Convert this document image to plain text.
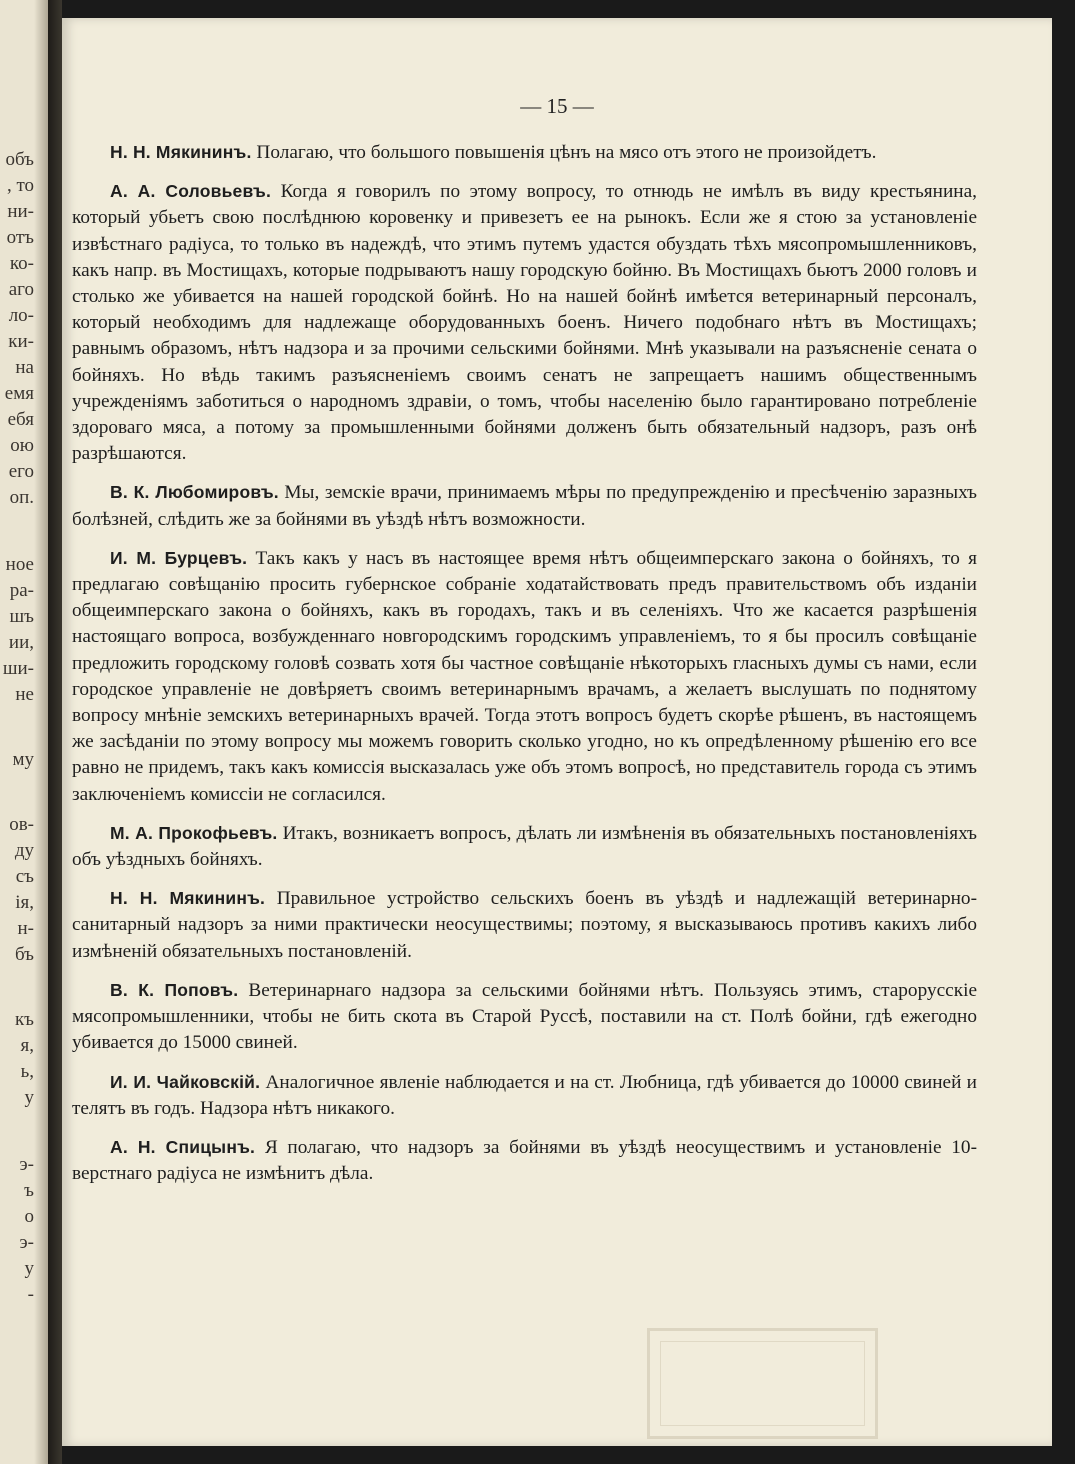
объ
, то
ни-
отъ
ко-
аго
ло-
ки-
на
емя
ебя
ою
его
оп.
ное
ра-
шъ
ии,
ши-
не
му
ов-
ду
съ
ія,
н-
бъ
къ
я,
ь,
у
э-
ъ
о
э-
у
-
— 15 —

Н. Н. Мякининъ. Полагаю, что большого повышенія цѣнъ на мясо отъ этого не произойдетъ.

А. А. Соловьевъ. Когда я говорилъ по этому вопросу, то отнюдь не имѣлъ въ виду крестьянина, который убьетъ свою послѣднюю коровенку и привезетъ ее на рынокъ. Если же я стою за установленіе извѣстнаго радіуса, то только въ надеждѣ, что этимъ путемъ удастся обуздать тѣхъ мясопромышленниковъ, какъ напр. въ Мостищахъ, которые подрываютъ нашу городскую бойню. Въ Мостищахъ бьютъ 2000 головъ и столько же убивается на нашей городской бойнѣ. Но на нашей бойнѣ имѣется ветеринарный персоналъ, который необходимъ для надлежаще оборудованныхъ боенъ. Ничего подобнаго нѣтъ въ Мостищахъ; равнымъ образомъ, нѣтъ надзора и за прочими сельскими бойнями. Мнѣ указывали на разъясненіе сената о бойняхъ. Но вѣдь такимъ разъясненіемъ своимъ сенатъ не запрещаетъ нашимъ общественнымъ учрежденіямъ заботиться о народномъ здравіи, о томъ, чтобы населенію было гарантировано потребленіе здороваго мяса, а потому за промышленными бойнями долженъ быть обязательный надзоръ, разъ онѣ разрѣшаются.

В. К. Любомировъ. Мы, земскіе врачи, принимаемъ мѣры по предупрежденію и пресѣченію заразныхъ болѣзней, слѣдить же за бойнями въ уѣздѣ нѣтъ возможности.

И. М. Бурцевъ. Такъ какъ у насъ въ настоящее время нѣтъ общеимперскаго закона о бойняхъ, то я предлагаю совѣщанію просить губернское собраніе ходатайствовать предъ правительствомъ объ изданіи общеимперскаго закона о бойняхъ, какъ въ городахъ, такъ и въ селеніяхъ. Что же касается разрѣшенія настоящаго вопроса, возбужденнаго новгородскимъ городскимъ управленіемъ, то я бы просилъ совѣщаніе предложить городскому головѣ созвать хотя бы частное совѣщаніе нѣкоторыхъ гласныхъ думы съ нами, если городское управленіе не довѣряетъ своимъ ветеринарнымъ врачамъ, а желаетъ выслушать по поднятому вопросу мнѣніе земскихъ ветеринарныхъ врачей. Тогда этотъ вопросъ будетъ скорѣе рѣшенъ, въ настоящемъ же засѣданіи по этому вопросу мы можемъ говорить сколько угодно, но къ опредѣленному рѣшенію его все равно не придемъ, такъ какъ комиссія высказалась уже объ этомъ вопросѣ, но представитель города съ этимъ заключеніемъ комиссіи не согласился.

М. А. Прокофьевъ. Итакъ, возникаетъ вопросъ, дѣлать ли измѣненія въ обязательныхъ постановленіяхъ объ уѣздныхъ бойняхъ.

Н. Н. Мякининъ. Правильное устройство сельскихъ боенъ въ уѣздѣ и надлежащій ветеринарно-санитарный надзоръ за ними практически неосуществимы; поэтому, я высказываюсь противъ какихъ либо измѣненій обязательныхъ постановленій.

В. К. Поповъ. Ветеринарнаго надзора за сельскими бойнями нѣтъ. Пользуясь этимъ, старорусскіе мясопромышленники, чтобы не бить скота въ Старой Руссѣ, поставили на ст. Полѣ бойни, гдѣ ежегодно убивается до 15000 свиней.

И. И. Чайковскій. Аналогичное явленіе наблюдается и на ст. Любница, гдѣ убивается до 10000 свиней и телятъ въ годъ. Надзора нѣтъ никакого.

А. Н. Спицынъ. Я полагаю, что надзоръ за бойнями въ уѣздѣ неосуществимъ и установленіе 10-верстнаго радіуса не измѣнитъ дѣла.
